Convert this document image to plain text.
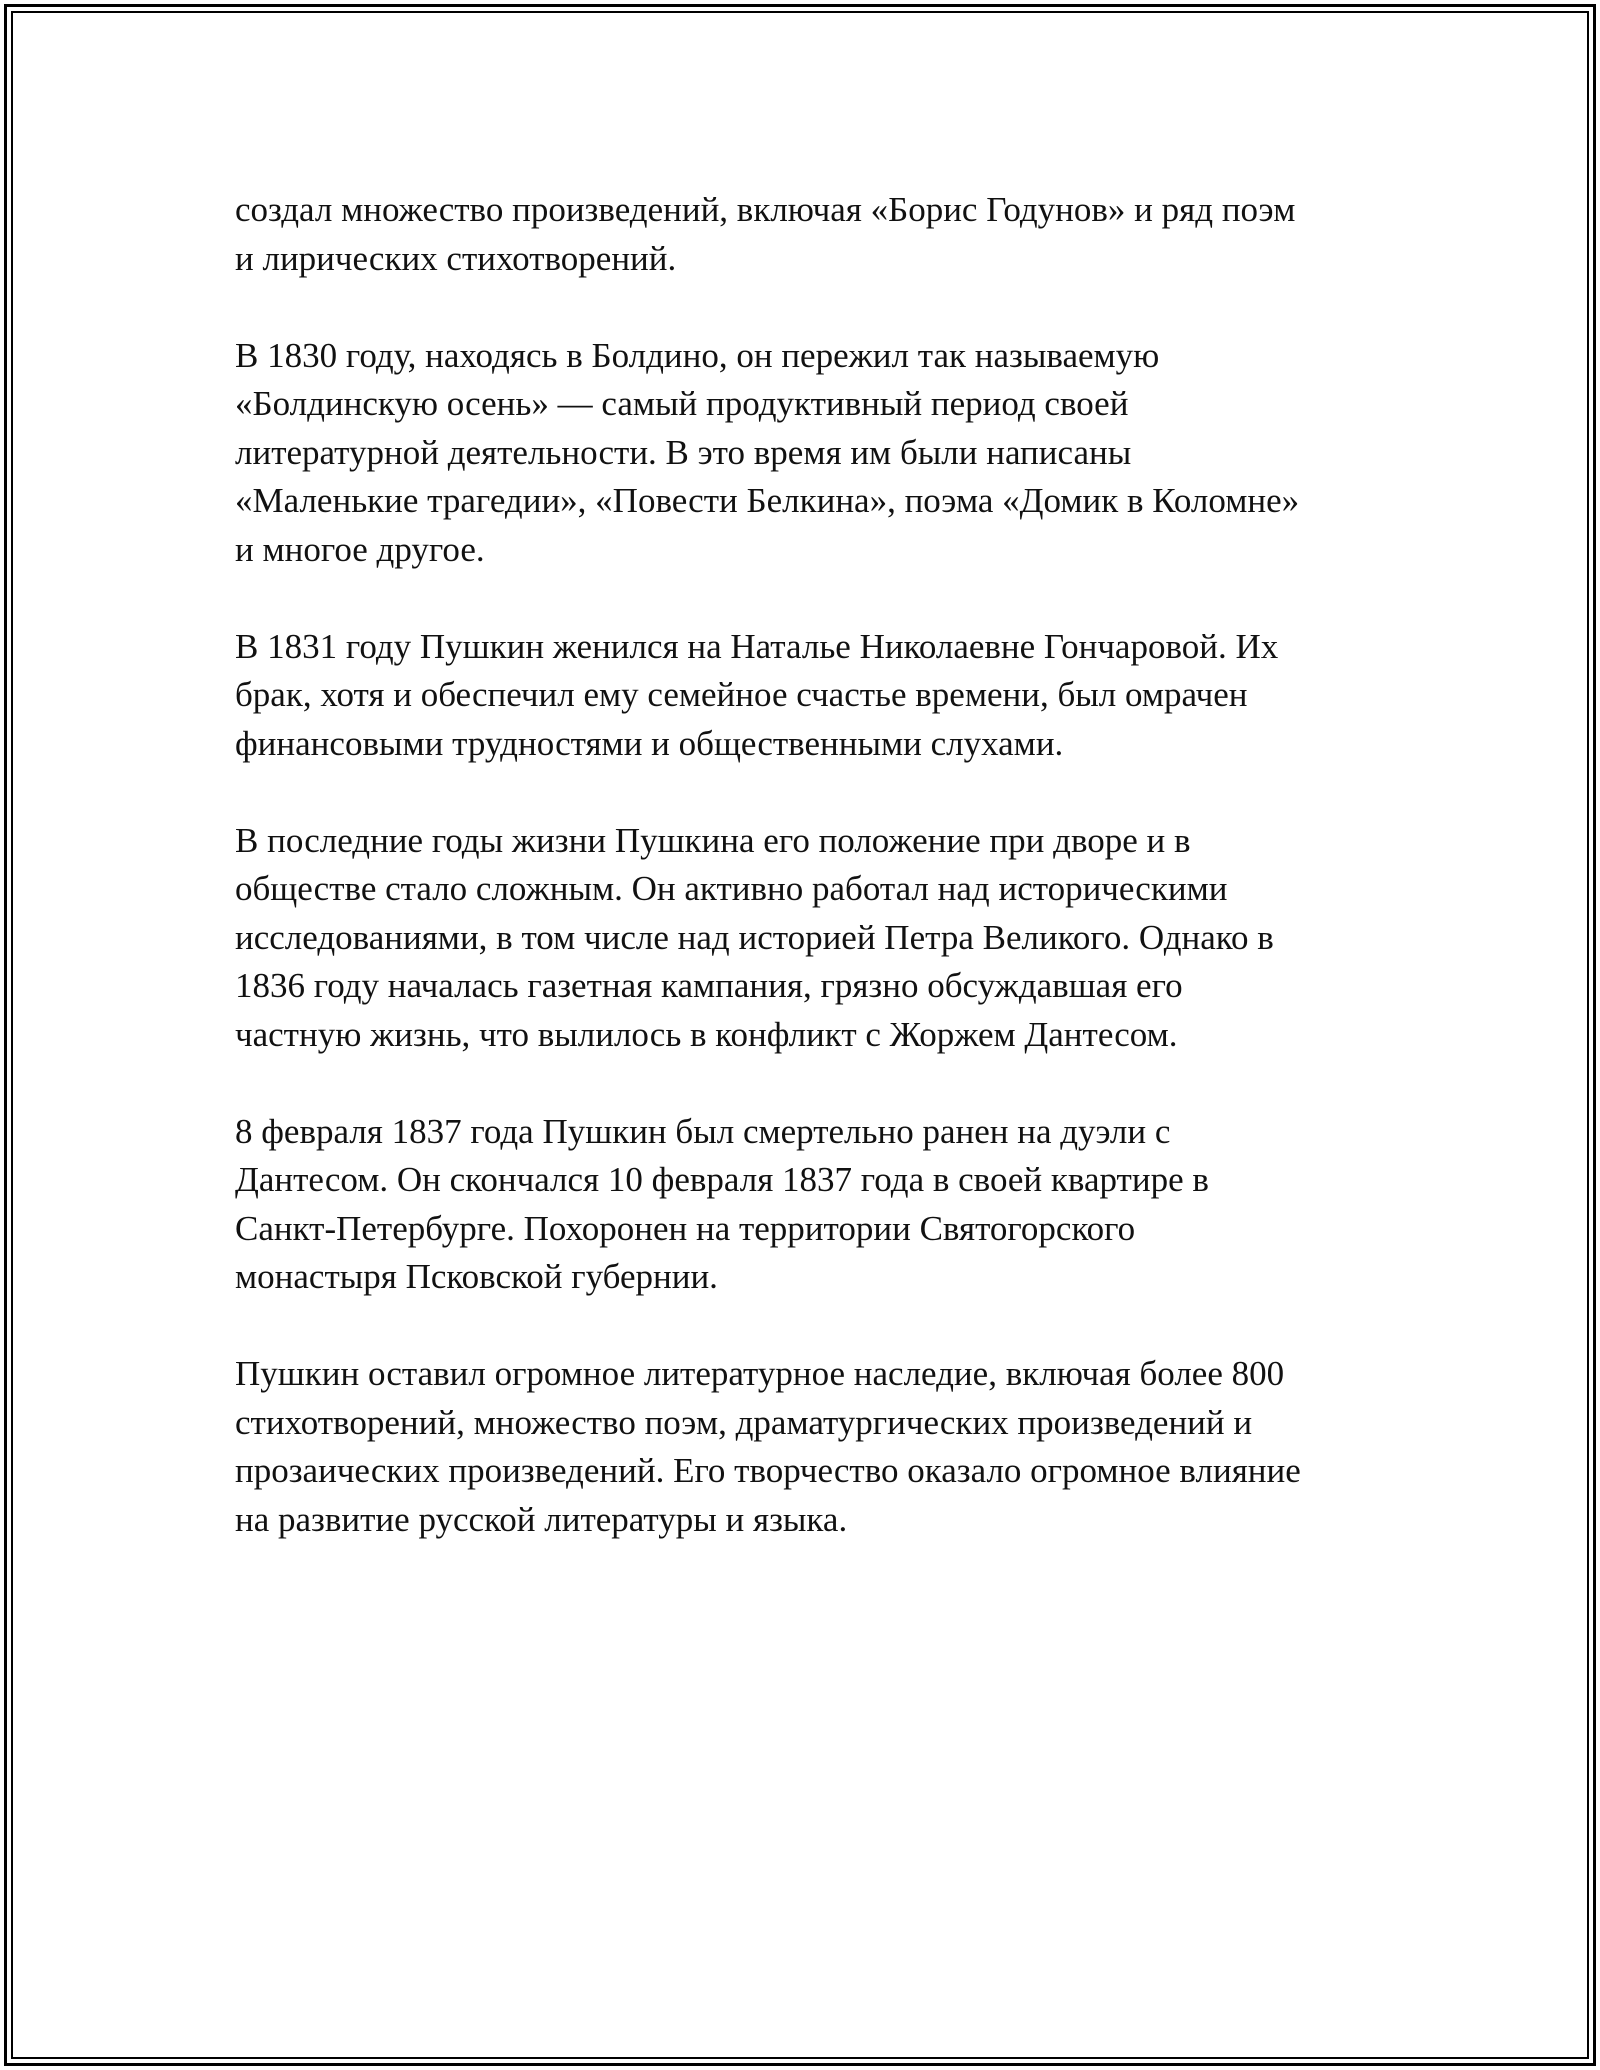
создал множество произведений, включая «Борис Годунов» и ряд поэм
и лирических стихотворений.

В 1830 году, находясь в Болдино, он пережил так называемую
«Болдинскую осень» — самый продуктивный период своей
литературной деятельности. В это время им были написаны
«Маленькие трагедии», «Повести Белкина», поэма «Домик в Коломне»
и многое другое.

В 1831 году Пушкин женился на Наталье Николаевне Гончаровой. Их
брак, хотя и обеспечил ему семейное счастье времени, был омрачен
финансовыми трудностями и общественными слухами.

В последние годы жизни Пушкина его положение при дворе и в
обществе стало сложным. Он активно работал над историческими
исследованиями, в том числе над историей Петра Великого. Однако в
1836 году началась газетная кампания, грязно обсуждавшая его
частную жизнь, что вылилось в конфликт с Жоржем Дантесом.

8 февраля 1837 года Пушкин был смертельно ранен на дуэли с
Дантесом. Он скончался 10 февраля 1837 года в своей квартире в
Санкт-Петербурге. Похоронен на территории Святогорского
монастыря Псковской губернии.

Пушкин оставил огромное литературное наследие, включая более 800
стихотворений, множество поэм, драматургических произведений и
прозаических произведений. Его творчество оказало огромное влияние
на развитие русской литературы и языка.
